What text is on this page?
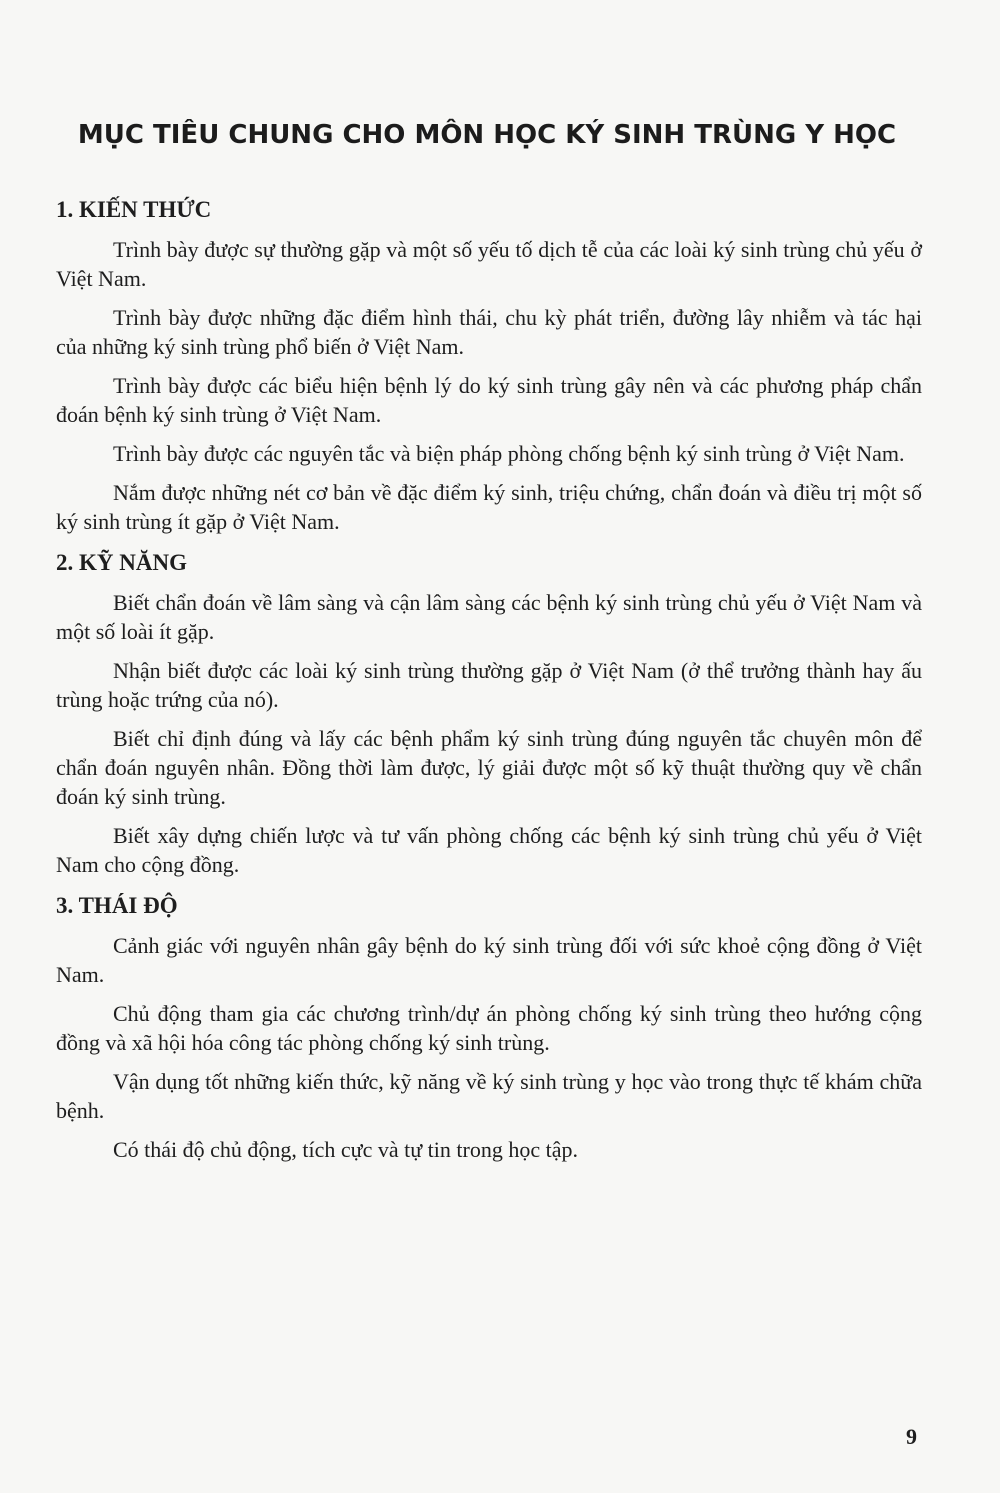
MỤC TIÊU CHUNG CHO MÔN HỌC KÝ SINH TRÙNG Y HỌC
1. KIẾN THỨC

Trình bày được sự thường gặp và một số yếu tố dịch tễ của các loài ký sinh trùng chủ yếu ở Việt Nam.

Trình bày được những đặc điểm hình thái, chu kỳ phát triển, đường lây nhiễm và tác hại của những ký sinh trùng phổ biến ở Việt Nam.

Trình bày được các biểu hiện bệnh lý do ký sinh trùng gây nên và các phương pháp chẩn đoán bệnh ký sinh trùng ở Việt Nam.

Trình bày được các nguyên tắc và biện pháp phòng chống bệnh ký sinh trùng ở Việt Nam.

Nắm được những nét cơ bản về đặc điểm ký sinh, triệu chứng, chẩn đoán và điều trị một số ký sinh trùng ít gặp ở Việt Nam.

2. KỸ NĂNG

Biết chẩn đoán về lâm sàng và cận lâm sàng các bệnh ký sinh trùng chủ yếu ở Việt Nam và một số loài ít gặp.

Nhận biết được các loài ký sinh trùng thường gặp ở Việt Nam (ở thể trưởng thành hay ấu trùng hoặc trứng của nó).

Biết chỉ định đúng và lấy các bệnh phẩm ký sinh trùng đúng nguyên tắc chuyên môn để chẩn đoán nguyên nhân. Đồng thời làm được, lý giải được một số kỹ thuật thường quy về chẩn đoán ký sinh trùng.

Biết xây dựng chiến lược và tư vấn phòng chống các bệnh ký sinh trùng chủ yếu ở Việt Nam cho cộng đồng.

3. THÁI ĐỘ

Cảnh giác với nguyên nhân gây bệnh do ký sinh trùng đối với sức khoẻ cộng đồng ở Việt Nam.

Chủ động tham gia các chương trình/dự án phòng chống ký sinh trùng theo hướng cộng đồng và xã hội hóa công tác phòng chống ký sinh trùng.

Vận dụng tốt những kiến thức, kỹ năng về ký sinh trùng y học vào trong thực tế khám chữa bệnh.

Có thái độ chủ động, tích cực và tự tin trong học tập.

9
